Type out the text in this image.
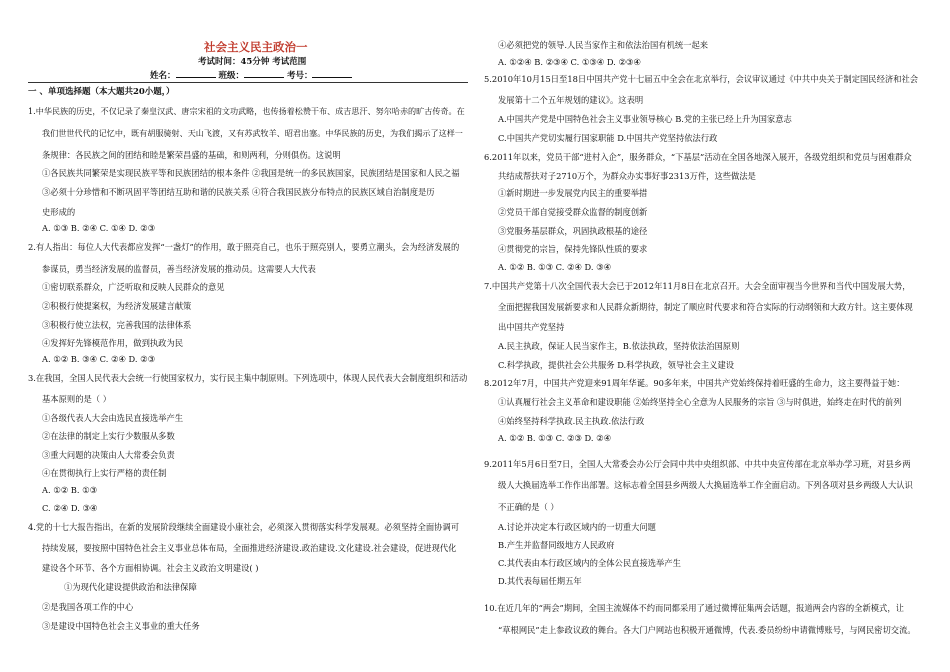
社会主义民主政治一
考试时间：45分钟 考试范围
姓名：	班级：	考号：
一 、单项选择题（本大题共20小题，）
1.中华民族的历史，不仅记录了秦皇汉武、唐宗宋祖的文功武略，也传扬着松赞干布、成吉思汗、努尔哈赤的旷古传奇。在
我们世世代代的记忆中，既有胡服骑射、天山飞渡，又有苏武牧羊、昭君出塞。中华民族的历史，为我们揭示了这样一
条规律：各民族之间的团结和睦是繁荣昌盛的基础，和则两利，分则俱伤。这说明
①各民族共同繁荣是实现民族平等和民族团结的根本条件 ②我国是统一的多民族国家，民族团结是国家和人民之福
③必须十分珍惜和不断巩固平等团结互助和谐的民族关系 ④符合我国民族分布特点的民族区域自治制度是历
史形成的
A. ①③ B. ②④ C. ①④ D. ②③
2.有人指出：每位人大代表都应发挥“一盏灯”的作用，敢于照亮自己，也乐于照亮别人，要勇立潮头，会为经济发展的
参谋员，勇当经济发展的监督员，善当经济发展的推动员。这需要人大代表
①密切联系群众，广泛听取和反映人民群众的意见
②积极行使提案权，为经济发展建言献策
③积极行使立法权，完善我国的法律体系
④发挥好先锋模范作用，做到执政为民
A. ①② B. ③④ C. ②④ D. ②③
3.在我国，全国人民代表大会统一行使国家权力，实行民主集中制原则。下列选项中，体现人民代表大会制度组织和活动
基本原则的是（ ）
①各级代表人大会由选民直接选举产生
②在法律的制定上实行少数服从多数
③重大问题的决策由人大常委会负责
④在贯彻执行上实行严格的责任制
A. ①② B. ①③
C. ②④ D. ③④
4.党的十七大报告指出，在新的发展阶段继续全面建设小康社会，必须深入贯彻落实科学发展观。必须坚持全面协调可
持续发展，要按照中国特色社会主义事业总体布局，全面推进经济建设.政治建设.文化建设.社会建设，促进现代化
建设各个环节、各个方面相协调。社会主义政治文明建设( )
①为现代化建设提供政治和法律保障
②是我国各项工作的中心
③是建设中国特色社会主义事业的重大任务
④必须把党的领导.人民当家作主和依法治国有机统一起来
A. ①②④ B. ②③④ C. ①③④ D. ②③④
5.2010年10月15日至18日中国共产党十七届五中全会在北京举行，会议审议通过《中共中央关于制定国民经济和社会
发展第十二个五年规划的建议》。这表明
A.中国共产党是中国特色社会主义事业领导核心 B.党的主张已经上升为国家意志
C.中国共产党切实履行国家职能 D.中国共产党坚持依法行政
6.2011年以来，党员干部“进村入企”，服务群众，“下基层”活动在全国各地深入展开，各级党组织和党员与困难群众
共结成帮扶对子2710万个，为群众办实事好事2313万件，这些做法是
①新时期进一步发展党内民主的重要举措
②党员干部自觉接受群众监督的制度创新
③党服务基层群众，巩固执政根基的途径
④贯彻党的宗旨，保持先锋队性质的要求
A. ①② B. ①③ C. ②④ D. ③④
7.中国共产党第十八次全国代表大会已于2012年11月8日在北京召开。大会全面审视当今世界和当代中国发展大势，
全面把握我国发展新要求和人民群众新期待，制定了顺应时代要求和符合实际的行动纲领和大政方针。这主要体现
出中国共产党坚持
A.民主执政，保证人民当家作主，B.依法执政，坚持依法治国原则
C.科学执政，提供社会公共服务 D.科学执政，领导社会主义建设
8.2012年7月，中国共产党迎来91周年华诞。90多年来，中国共产党始终保持着旺盛的生命力，这主要得益于她：
①认真履行社会主义革命和建设职能 ②始终坚持全心全意为人民服务的宗旨 ③与时俱进，始终走在时代的前列
④始终坚持科学执政.民主执政.依法行政
A. ①② B. ①③ C. ②③ D. ②④
9.2011年5月6日至7日，全国人大常委会办公厅会同中共中央组织部、中共中央宣传部在北京举办学习班，对县乡两
级人大换届选举工作作出部署。这标志着全国县乡两级人大换届选举工作全面启动。下列各项对县乡两级人大认识
不正确的是（ ）
A.讨论并决定本行政区域内的一切重大问题
B.产生并监督同级地方人民政府
C.其代表由本行政区域内的全体公民直接选举产生
D.其代表每届任期五年
10.在近几年的“两会”期间，全国主流媒体不约而同都采用了通过微博征集两会话题，报道两会内容的全新模式，让
“草根网民”走上参政议政的舞台。各大门户网站也积极开通微博，代表.委员纷纷申请微博账号，与网民密切交流。
